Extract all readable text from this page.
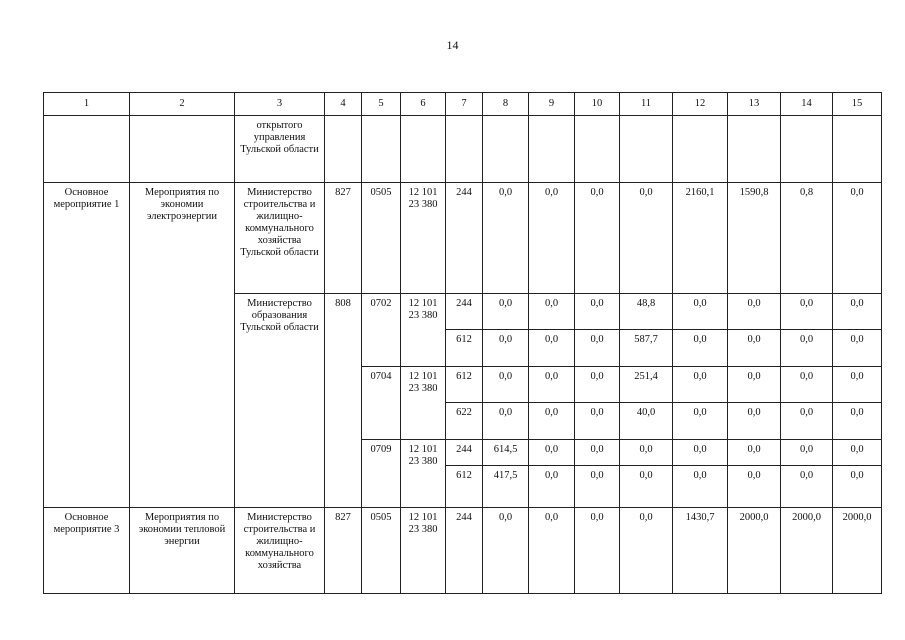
14
1	2	3	4	5	6	7	8	9	10	11	12	13	14	15
		открытого управления Тульской области												
Основное мероприятие 1	Мероприятия по экономии электроэнергии	Министерство строительства и жилищно-коммунального хозяйства Тульской области	827	0505	12 101 23 380	244	0,0	0,0	0,0	0,0	2160,1	1590,8	0,8	0,0
		Министерство образования Тульской области	808	0702	12 101 23 380	244	0,0	0,0	0,0	48,8	0,0	0,0	0,0	0,0
						612	0,0	0,0	0,0	587,7	0,0	0,0	0,0	0,0
				0704	12 101 23 380	612	0,0	0,0	0,0	251,4	0,0	0,0	0,0	0,0
						622	0,0	0,0	0,0	40,0	0,0	0,0	0,0	0,0
				0709	12 101 23 380	244	614,5	0,0	0,0	0,0	0,0	0,0	0,0	0,0
						612	417,5	0,0	0,0	0,0	0,0	0,0	0,0	0,0
Основное мероприятие 3	Мероприятия по экономии тепловой энергии	Министерство строительства и жилищно-коммунального хозяйства	827	0505	12 101 23 380	244	0,0	0,0	0,0	0,0	1430,7	2000,0	2000,0	2000,0
